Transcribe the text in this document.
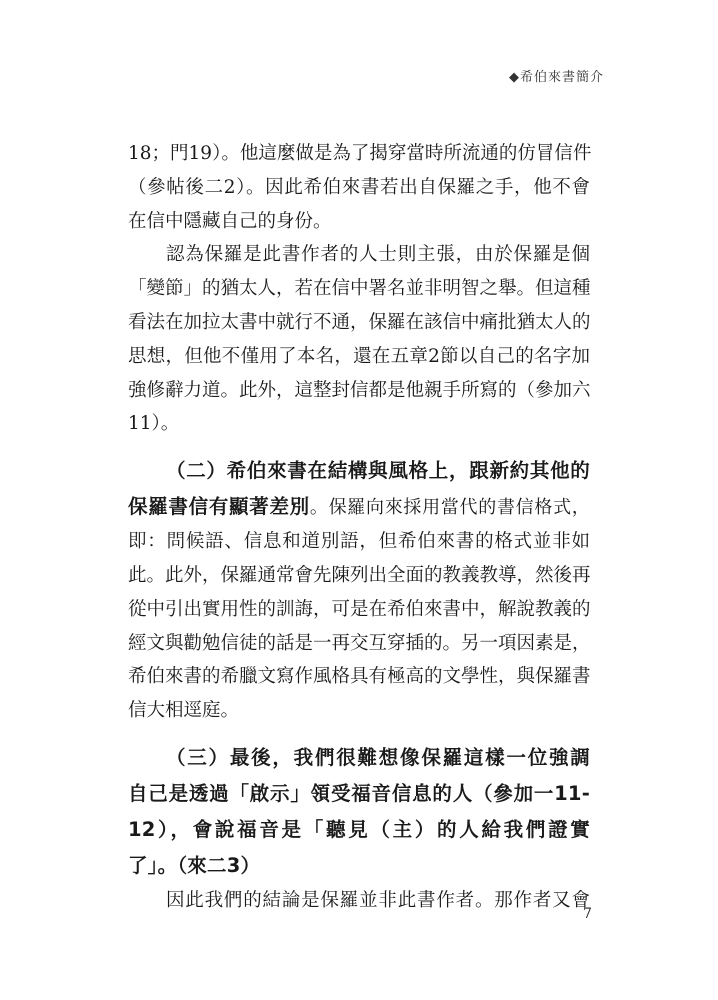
◆希伯來書簡介
18；門19）。他這麼做是為了揭穿當時所流通的仿冒信件
（參帖後二2）。因此希伯來書若出自保羅之手，他不會
在信中隱藏自己的身份。
認為保羅是此書作者的人士則主張，由於保羅是個
「變節」的猶太人，若在信中署名並非明智之舉。但這種
看法在加拉太書中就行不通，保羅在該信中痛批猶太人的
思想，但他不僅用了本名，還在五章2節以自己的名字加
強修辭力道。此外，這整封信都是他親手所寫的（參加六
11）。
（二）希伯來書在結構與風格上，跟新約其他的
保羅書信有顯著差別。保羅向來採用當代的書信格式，
即：問候語、信息和道別語，但希伯來書的格式並非如
此。此外，保羅通常會先陳列出全面的教義教導，然後再
從中引出實用性的訓誨，可是在希伯來書中，解說教義的
經文與勸勉信徒的話是一再交互穿插的。另一項因素是，
希伯來書的希臘文寫作風格具有極高的文學性，與保羅書
信大相逕庭。
（三）最後，我們很難想像保羅這樣一位強調
自己是透過「啟示」領受福音信息的人（參加一11-
12），會說福音是「聽見（主）的人給我們證實
了」。（來二3）
因此我們的結論是保羅並非此書作者。那作者又會
7
